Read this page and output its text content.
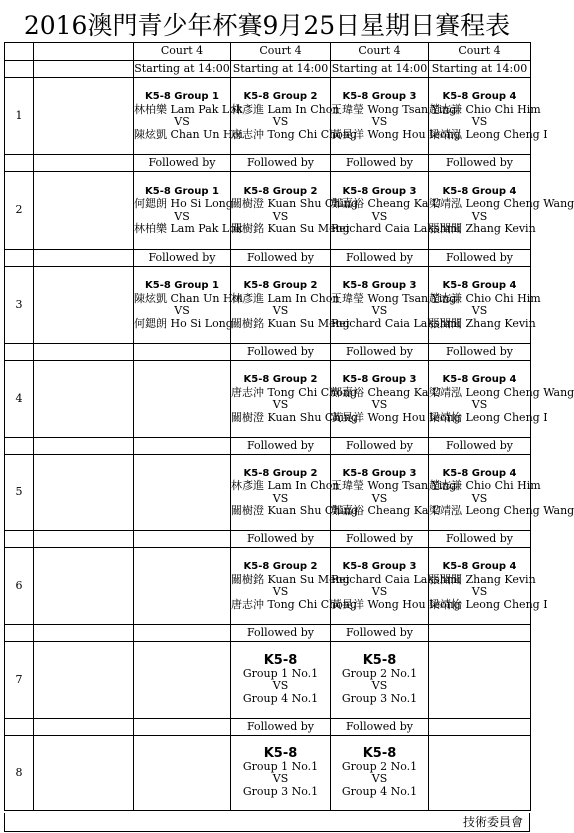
2016澳門青少年杯賽9月25日星期日賽程表
		Court 4	Court 4	Court 4	Court 4
		Starting at 14:00	Starting at 14:00	Starting at 14:00	Starting at 14:00
1		K5-8 Group 1
林柏樂 Lam Pak Lok
VS
陳炫凱 Chan Un Hoi	K5-8 Group 2
林彥進 Lam In Chon
VS
唐志沖 Tong Chi Chong	K5-8 Group 3
王瑋瑩 Wong Tsan Ying
VS
黃昊洋 Wong Hou Ieong	K5-8 Group 4
趙志謙 Chio Chi Him
VS
梁靖泓 Leong Cheng I

		Followed by	Followed by	Followed by	Followed by
2		K5-8 Group 1
何鍶朗 Ho Si Long
VS
林柏樂 Lam Pak Lok	K5-8 Group 2
關樹澄 Kuan Shu Ching
VS
關樹銘 Kuan Su Meng	K5-8 Group 3
鄭嘉裕 Cheang Ka U
VS
Reichard Caia Lakshmi	K5-8 Group 4
梁靖泓 Leong Cheng Wang
VS
張開聞 Zhang Kevin

		Followed by	Followed by	Followed by	Followed by
3		K5-8 Group 1
陳炫凱 Chan Un Hoi
VS
何鍶朗 Ho Si Long	K5-8 Group 2
林彥進 Lam In Chon
VS
關樹銘 Kuan Su Meng	K5-8 Group 3
王瑋瑩 Wong Tsan Ying
VS
Reichard Caia Lakshmi	K5-8 Group 4
趙志謙 Chio Chi Him
VS
張開聞 Zhang Kevin

			Followed by	Followed by	Followed by
4			K5-8 Group 2
唐志沖 Tong Chi Chong
VS
關樹澄 Kuan Shu Ching	K5-8 Group 3
鄭嘉裕 Cheang Ka U
VS
黃昊洋 Wong Hou Ieong	K5-8 Group 4
梁靖泓 Leong Cheng Wang
VS
梁靖怡 Leong Cheng I

			Followed by	Followed by	Followed by
5			K5-8 Group 2
林彥進 Lam In Chon
VS
關樹澄 Kuan Shu Ching	K5-8 Group 3
王瑋瑩 Wong Tsan Ying
VS
鄭嘉裕 Cheang Ka U	K5-8 Group 4
趙志謙 Chio Chi Him
VS
梁靖泓 Leong Cheng Wang

			Followed by	Followed by	Followed by
6			K5-8 Group 2
關樹銘 Kuan Su Meng
VS
唐志沖 Tong Chi Chong	K5-8 Group 3
Reichard Caia Lakshmi
VS
黃昊洋 Wong Hou Ieong	K5-8 Group 4
張開聞 Zhang Kevin
VS
梁靖怡 Leong Cheng I

			Followed by	Followed by	
7			K5-8
Group 1 No.1
VS
Group 4 No.1	K5-8
Group 2 No.1
VS
Group 3 No.1	

			Followed by	Followed by	
8			K5-8
Group 1 No.1
VS
Group 3 No.1	K5-8
Group 2 No.1
VS
Group 4 No.1	

技術委員會
